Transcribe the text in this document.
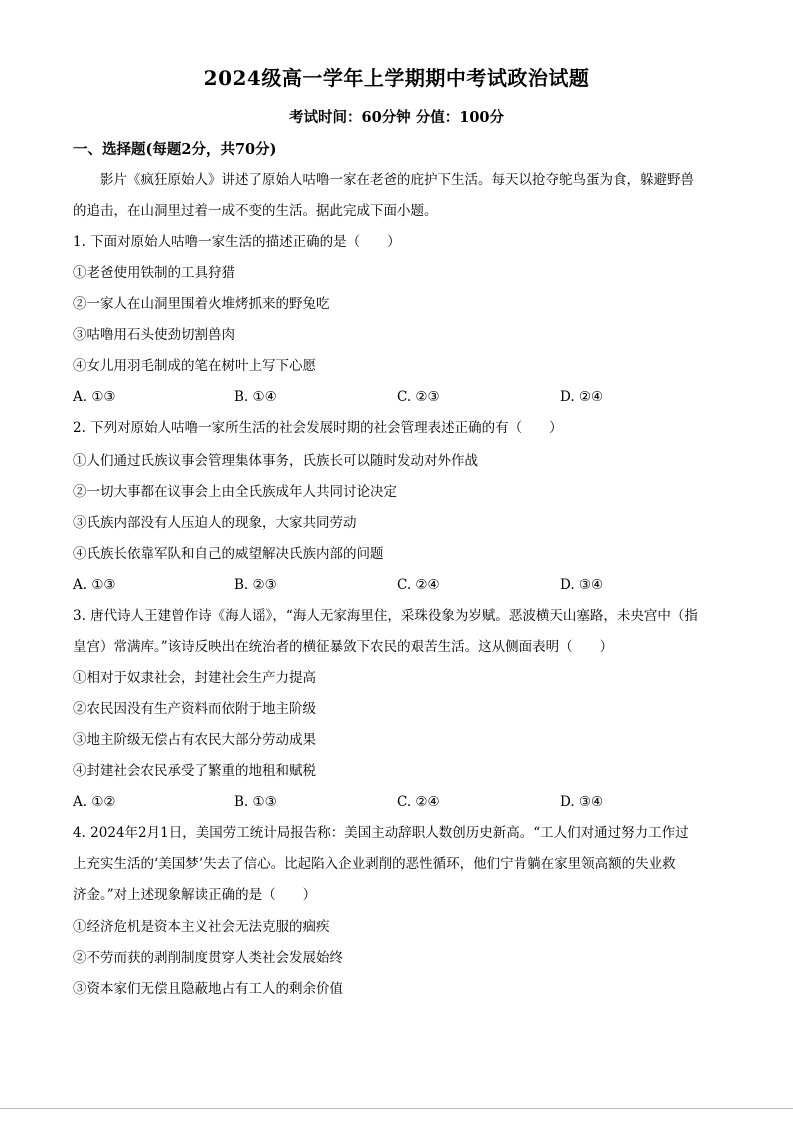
2024级高一学年上学期期中考试政治试题
考试时间：60分钟 分值：100分
一、选择题(每题2分，共70分)
影片《疯狂原始人》讲述了原始人咕噜一家在老爸的庇护下生活。每天以抢夺鸵鸟蛋为食，躲避野兽
的追击，在山洞里过着一成不变的生活。据此完成下面小题。
1. 下面对原始人咕噜一家生活的描述正确的是（　　）
①老爸使用铁制的工具狩猎
②一家人在山洞里围着火堆烤抓来的野兔吃
③咕噜用石头使劲切割兽肉
④女儿用羽毛制成的笔在树叶上写下心愿
A. ①③	B. ①④	C. ②③	D. ②④
2. 下列对原始人咕噜一家所生活的社会发展时期的社会管理表述正确的有（　　）
①人们通过氏族议事会管理集体事务，氏族长可以随时发动对外作战
②一切大事都在议事会上由全氏族成年人共同讨论决定
③氏族内部没有人压迫人的现象，大家共同劳动
④氏族长依靠军队和自己的威望解决氏族内部的问题
A. ①③	B. ②③	C. ②④	D. ③④
3. 唐代诗人王建曾作诗《海人谣》，“海人无家海里住，采珠役象为岁赋。恶波横天山塞路，未央宫中（指
皇宫）常满库。”该诗反映出在统治者的横征暴敛下农民的艰苦生活。这从侧面表明（　　）
①相对于奴隶社会，封建社会生产力提高
②农民因没有生产资料而依附于地主阶级
③地主阶级无偿占有农民大部分劳动成果
④封建社会农民承受了繁重的地租和赋税
A. ①②	B. ①③	C. ②④	D. ③④
4. 2024年2月1日，美国劳工统计局报告称：美国主动辞职人数创历史新高。“工人们对通过努力工作过
上充实生活的‘美国梦’失去了信心。比起陷入企业剥削的恶性循环，他们宁肯躺在家里领高额的失业救
济金。”对上述现象解读正确的是（　　）
①经济危机是资本主义社会无法克服的痼疾
②不劳而获的剥削制度贯穿人类社会发展始终
③资本家们无偿且隐蔽地占有工人的剩余价值
